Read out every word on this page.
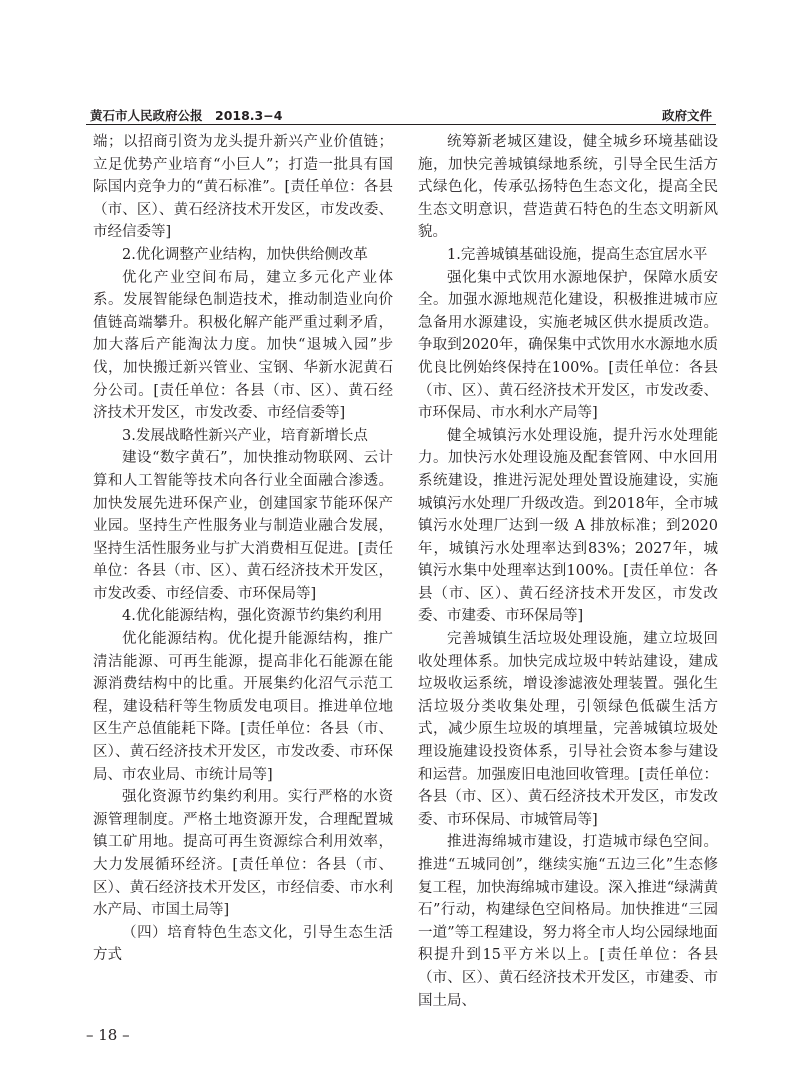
黄石市人民政府公报　2018.3−4	政府文件

端；以招商引资为龙头提升新兴产业价值链；立足优势产业培育“小巨人”；打造一批具有国际国内竞争力的“黄石标准”。[责任单位：各县（市、区）、黄石经济技术开发区，市发改委、市经信委等]

2.优化调整产业结构，加快供给侧改革

优化产业空间布局，建立多元化产业体系。发展智能绿色制造技术，推动制造业向价值链高端攀升。积极化解产能严重过剩矛盾，加大落后产能淘汰力度。加快“退城入园”步伐，加快搬迁新兴管业、宝钢、华新水泥黄石分公司。[责任单位：各县（市、区）、黄石经济技术开发区，市发改委、市经信委等]

3.发展战略性新兴产业，培育新增长点

建设“数字黄石”，加快推动物联网、云计算和人工智能等技术向各行业全面融合渗透。加快发展先进环保产业，创建国家节能环保产业园。坚持生产性服务业与制造业融合发展，坚持生活性服务业与扩大消费相互促进。[责任单位：各县（市、区）、黄石经济技术开发区，市发改委、市经信委、市环保局等]

4.优化能源结构，强化资源节约集约利用

优化能源结构。优化提升能源结构，推广清洁能源、可再生能源，提高非化石能源在能源消费结构中的比重。开展集约化沼气示范工程，建设秸秆等生物质发电项目。推进单位地区生产总值能耗下降。[责任单位：各县（市、区）、黄石经济技术开发区，市发改委、市环保局、市农业局、市统计局等]

强化资源节约集约利用。实行严格的水资源管理制度。严格土地资源开发，合理配置城镇工矿用地。提高可再生资源综合利用效率，大力发展循环经济。[责任单位：各县（市、区）、黄石经济技术开发区，市经信委、市水利水产局、市国土局等]

（四）培育特色生态文化，引导生态生活方式

统筹新老城区建设，健全城乡环境基础设施，加快完善城镇绿地系统，引导全民生活方式绿色化，传承弘扬特色生态文化，提高全民生态文明意识，营造黄石特色的生态文明新风貌。

1.完善城镇基础设施，提高生态宜居水平

强化集中式饮用水源地保护，保障水质安全。加强水源地规范化建设，积极推进城市应急备用水源建设，实施老城区供水提质改造。争取到2020年，确保集中式饮用水水源地水质优良比例始终保持在100%。[责任单位：各县（市、区）、黄石经济技术开发区，市发改委、市环保局、市水利水产局等]

健全城镇污水处理设施，提升污水处理能力。加快污水处理设施及配套管网、中水回用系统建设，推进污泥处理处置设施建设，实施城镇污水处理厂升级改造。到2018年，全市城镇污水处理厂达到一级 A 排放标准；到2020年，城镇污水处理率达到83%；2027年，城镇污水集中处理率达到100%。[责任单位：各县（市、区）、黄石经济技术开发区，市发改委、市建委、市环保局等]

完善城镇生活垃圾处理设施，建立垃圾回收处理体系。加快完成垃圾中转站建设，建成垃圾收运系统，增设渗滤液处理装置。强化生活垃圾分类收集处理，引领绿色低碳生活方式，减少原生垃圾的填埋量，完善城镇垃圾处理设施建设投资体系，引导社会资本参与建设和运营。加强废旧电池回收管理。[责任单位：各县（市、区）、黄石经济技术开发区，市发改委、市环保局、市城管局等]

推进海绵城市建设，打造城市绿色空间。推进“五城同创”，继续实施“五边三化”生态修复工程，加快海绵城市建设。深入推进“绿满黄石”行动，构建绿色空间格局。加快推进“三园一道”等工程建设，努力将全市人均公园绿地面积提升到15平方米以上。[责任单位：各县（市、区）、黄石经济技术开发区，市建委、市国土局、

– 18 –
